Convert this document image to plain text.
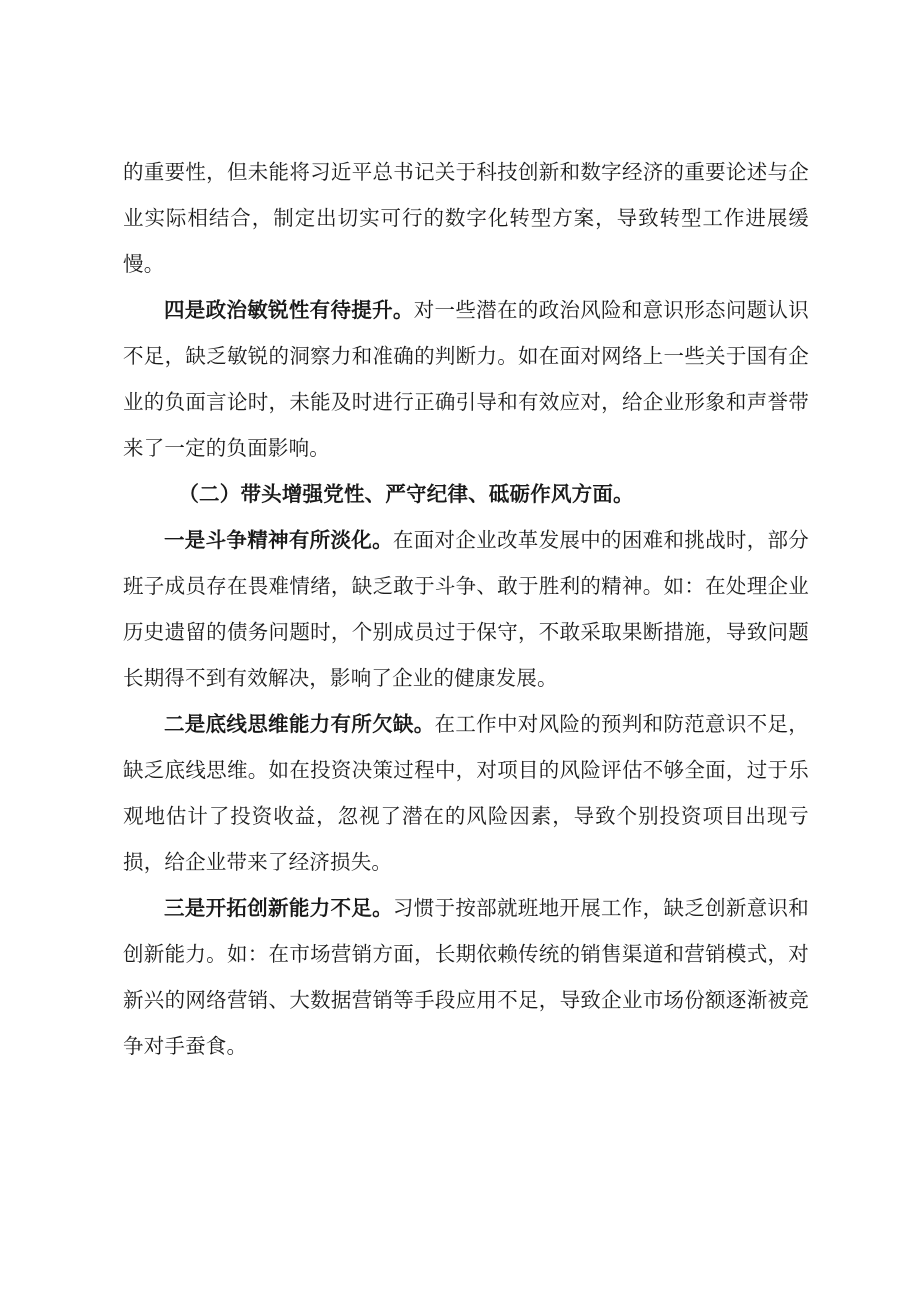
的重要性，但未能将习近平总书记关于科技创新和数字经济的重要论述与企业实际相结合，制定出切实可行的数字化转型方案，导致转型工作进展缓慢。

四是政治敏锐性有待提升。对一些潜在的政治风险和意识形态问题认识不足，缺乏敏锐的洞察力和准确的判断力。如在面对网络上一些关于国有企业的负面言论时，未能及时进行正确引导和有效应对，给企业形象和声誉带来了一定的负面影响。

（二）带头增强党性、严守纪律、砥砺作风方面。

一是斗争精神有所淡化。在面对企业改革发展中的困难和挑战时，部分班子成员存在畏难情绪，缺乏敢于斗争、敢于胜利的精神。如：在处理企业历史遗留的债务问题时，个别成员过于保守，不敢采取果断措施，导致问题长期得不到有效解决，影响了企业的健康发展。

二是底线思维能力有所欠缺。在工作中对风险的预判和防范意识不足，缺乏底线思维。如在投资决策过程中，对项目的风险评估不够全面，过于乐观地估计了投资收益，忽视了潜在的风险因素，导致个别投资项目出现亏损，给企业带来了经济损失。

三是开拓创新能力不足。习惯于按部就班地开展工作，缺乏创新意识和创新能力。如：在市场营销方面，长期依赖传统的销售渠道和营销模式，对新兴的网络营销、大数据营销等手段应用不足，导致企业市场份额逐渐被竞争对手蚕食。
